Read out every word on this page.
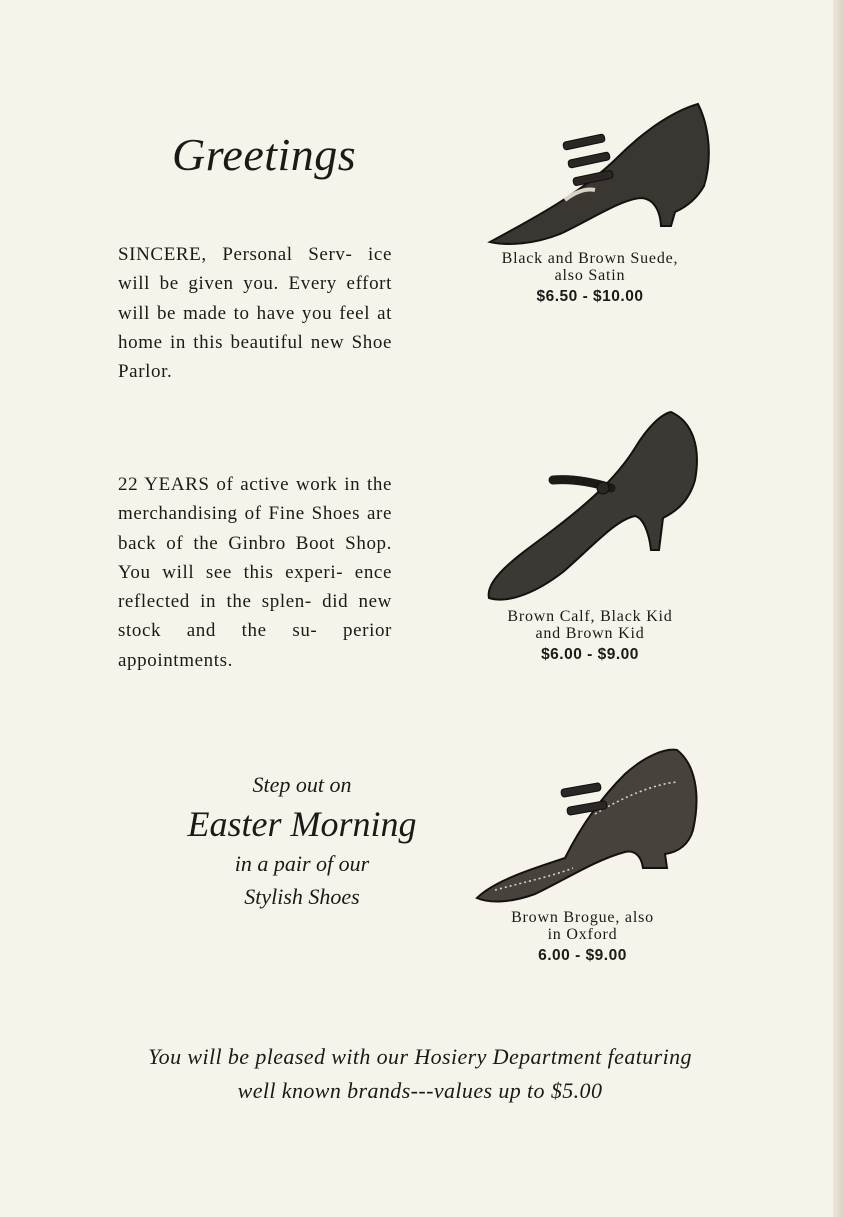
Greetings
SINCERE, Personal Serv- ice will be given you. Every effort will be made to have you feel at home in this beautiful new Shoe Parlor.
22 YEARS of active work in the merchandising of Fine Shoes are back of the Ginbro Boot Shop. You will see this experi- ence reflected in the splen- did new stock and the su- perior appointments.
Step out on
Easter Morning
in a pair of our
Stylish Shoes
Black and Brown Suede,
also Satin
$6.50 - $10.00
Brown Calf, Black Kid
and Brown Kid
$6.00 - $9.00
Brown Brogue, also
in Oxford
6.00 - $9.00
You will be pleased with our Hosiery Department featuring
well known brands---values up to $5.00
